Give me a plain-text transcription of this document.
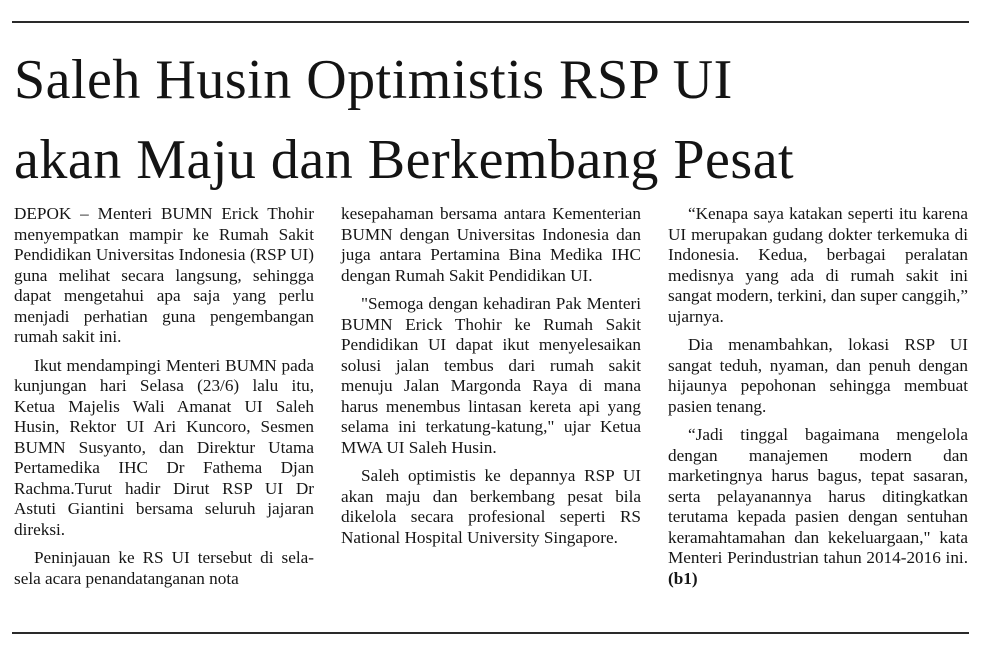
Saleh Husin Optimistis RSP UI
akan Maju dan Berkembang Pesat

DEPOK – Menteri BUMN Erick Thohir menyempatkan mampir ke Rumah Sakit Pendidikan Universitas Indonesia (RSP UI) guna melihat secara langsung, sehingga dapat mengetahui apa saja yang perlu menjadi perhatian guna pengembangan rumah sakit ini.

Ikut mendampingi Menteri BUMN pada kunjungan hari Selasa (23/6) lalu itu, Ketua Majelis Wali Amanat UI Saleh Husin, Rektor UI Ari Kuncoro, Sesmen BUMN Susyanto, dan Direktur Utama Pertamedika IHC Dr Fathema Djan Rachma.Turut hadir Dirut RSP UI Dr Astuti Giantini bersama seluruh jajaran direksi.

Peninjauan ke RS UI tersebut di sela-sela acara penandatanganan nota

kesepahaman bersama antara Kementerian BUMN dengan Universitas Indonesia dan juga antara Pertamina Bina Medika IHC dengan Rumah Sakit Pendidikan UI.

"Semoga dengan kehadiran Pak Menteri BUMN Erick Thohir ke Rumah Sakit Pendidikan UI dapat ikut menyelesaikan solusi jalan tembus dari rumah sakit menuju Jalan Margonda Raya di mana harus menembus lintasan kereta api yang selama ini terkatung-katung," ujar Ketua MWA UI Saleh Husin.

Saleh optimistis ke depannya RSP UI akan maju dan berkembang pesat bila dikelola secara profesional seperti RS National Hospital University Singapore.

“Kenapa saya katakan seperti itu karena UI merupakan gudang dokter terkemuka di Indonesia. Kedua, berbagai peralatan medisnya yang ada di rumah sakit ini sangat modern, terkini, dan super canggih,” ujarnya.

Dia menambahkan, lokasi RSP UI sangat teduh, nyaman, dan penuh dengan hijaunya pepohonan sehingga membuat pasien tenang.

“Jadi tinggal bagaimana mengelola dengan manajemen modern dan marketingnya harus bagus, tepat sasaran, serta pelayanannya harus ditingkatkan terutama kepada pasien dengan sentuhan keramahtamahan dan kekeluargaan," kata Menteri Perindustrian tahun 2014-2016 ini. (b1)
